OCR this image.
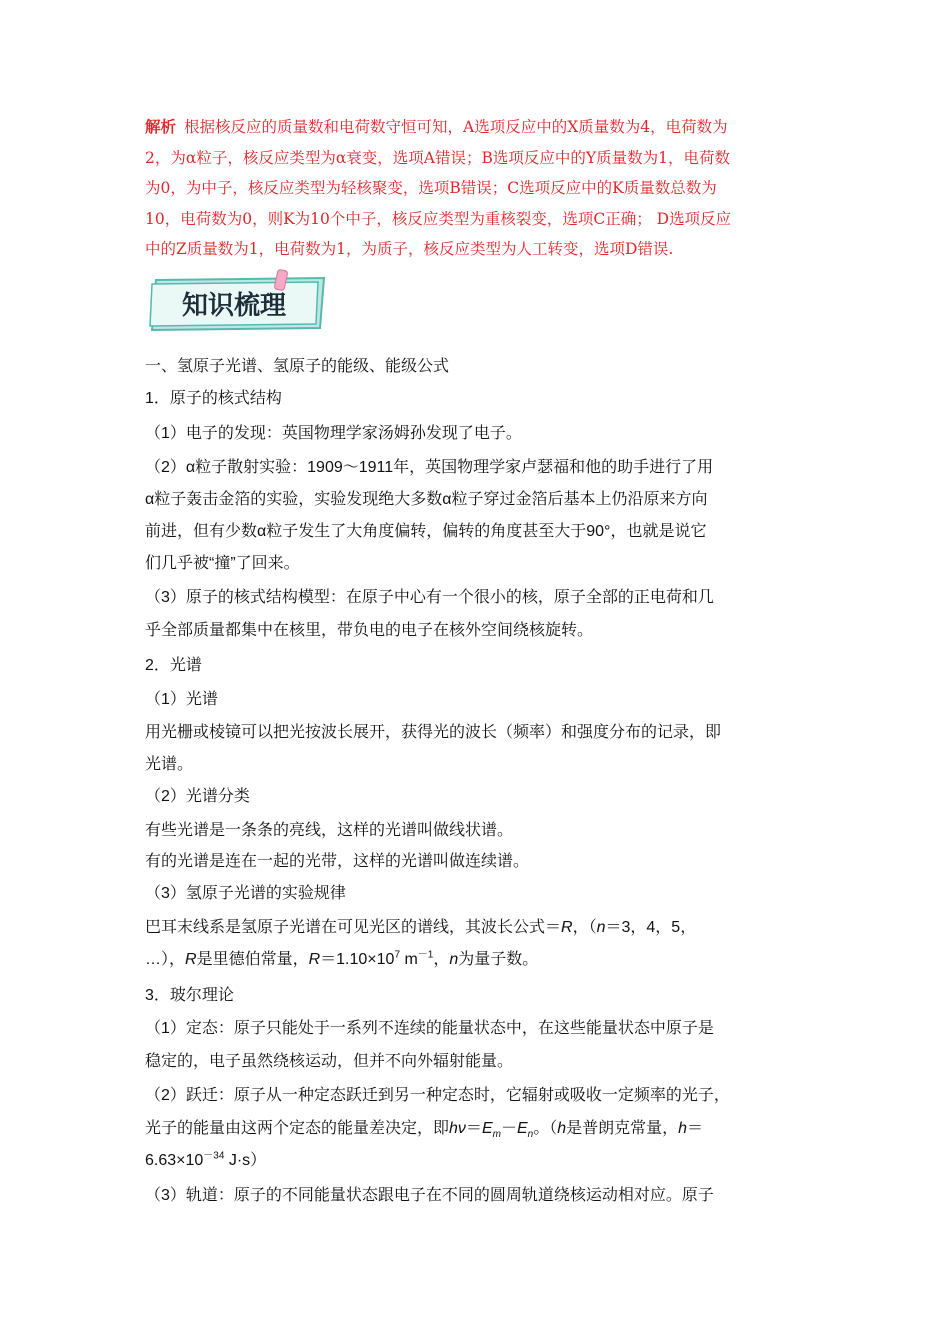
解析 根据核反应的质量数和电荷数守恒可知，A选项反应中的X质量数为4，电荷数为
2，为α粒子，核反应类型为α衰变，选项A错误；B选项反应中的Y质量数为1，电荷数
为0，为中子，核反应类型为轻核聚变，选项B错误；C选项反应中的K质量数总数为
10，电荷数为0，则K为10个中子，核反应类型为重核裂变，选项C正确； D选项反应
中的Z质量数为1，电荷数为1，为质子，核反应类型为人工转变，选项D错误.
知识梳理
一、氢原子光谱、氢原子的能级、能级公式
1．原子的核式结构
（1）电子的发现：英国物理学家汤姆孙发现了电子。
（2）α粒子散射实验：1909～1911年，英国物理学家卢瑟福和他的助手进行了用
α粒子轰击金箔的实验，实验发现绝大多数α粒子穿过金箔后基本上仍沿原来方向
前进，但有少数α粒子发生了大角度偏转，偏转的角度甚至大于90°，也就是说它
们几乎被“撞”了回来。
（3）原子的核式结构模型：在原子中心有一个很小的核，原子全部的正电荷和几
乎全部质量都集中在核里，带负电的电子在核外空间绕核旋转。
2．光谱
（1）光谱
用光栅或棱镜可以把光按波长展开，获得光的波长（频率）和强度分布的记录，即
光谱。
（2）光谱分类
有些光谱是一条条的亮线，这样的光谱叫做线状谱。
有的光谱是连在一起的光带，这样的光谱叫做连续谱。
（3）氢原子光谱的实验规律
巴耳末线系是氢原子光谱在可见光区的谱线，其波长公式＝R，（n＝3，4，5，
…），R是里德伯常量，$R=1.10\times 10^7$ $m^{-1}$，n为量子数。
3．玻尔理论
（1）定态：原子只能处于一系列不连续的能量状态中，在这些能量状态中原子是
稳定的，电子虽然绕核运动，但并不向外辐射能量。
（2）跃迁：原子从一种定态跃迁到另一种定态时，它辐射或吸收一定频率的光子，
光子的能量由这两个定态的能量差决定，即$h\nu=E_m-E_n$。（h是普朗克常量，h＝
$6.63\times 10^{-34}$ J·s）
（3）轨道：原子的不同能量状态跟电子在不同的圆周轨道绕核运动相对应。原子
